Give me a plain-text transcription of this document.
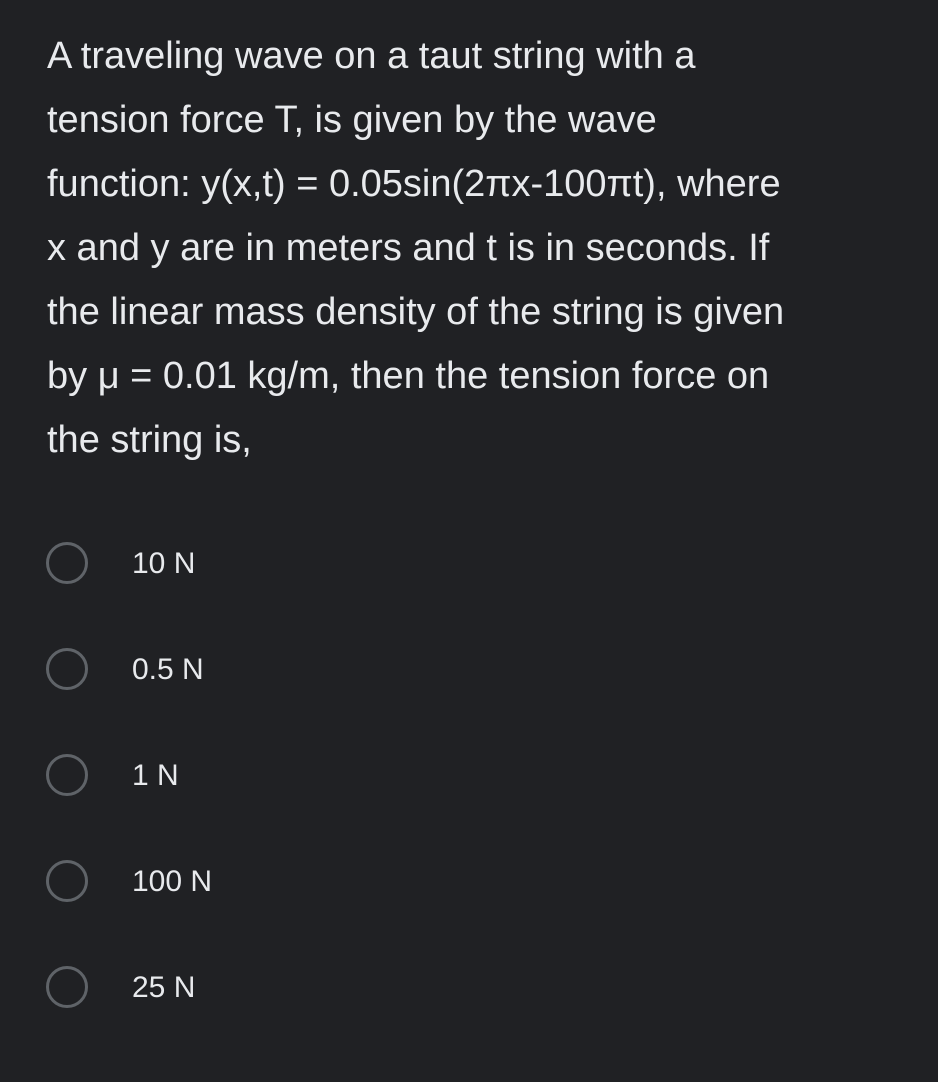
A traveling wave on a taut string with a
tension force T, is given by the wave
function: y(x,t) = 0.05sin(2πx-100πt), where
x and y are in meters and t is in seconds. If
the linear mass density of the string is given
by μ = 0.01 kg/m, then the tension force on
the string is,
10 N
0.5 N
1 N
100 N
25 N
